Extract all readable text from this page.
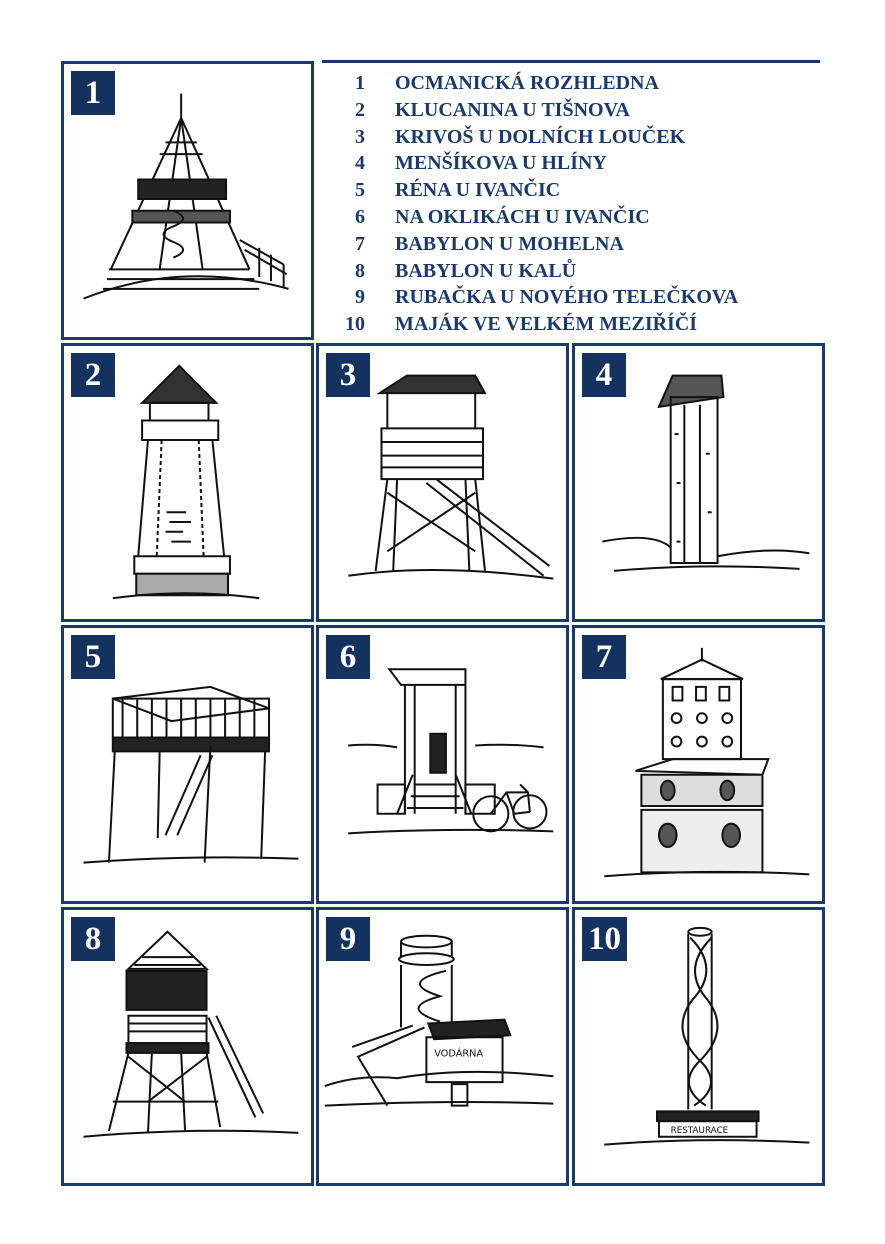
1 OCMANICKÁ ROZHLEDNA
2 KLUCANINA U TIŠNOVA
3 KRIVOŠ U DOLNÍCH LOUČEK
4 MENŠÍKOVA U HLÍNY
5 RÉNA U IVANČIC
6 NA OKLIKÁCH U IVANČIC
7 BABYLON U MOHELNA
8 BABYLON U KALŮ
9 RUBAČKA U NOVÉHO TELEČKOVA
10 MAJÁK VE VELKÉM MEZIŘÍČÍ
1
2	3	4
5	6	7
8
VODÁRNA
9
RESTAURACE
10
